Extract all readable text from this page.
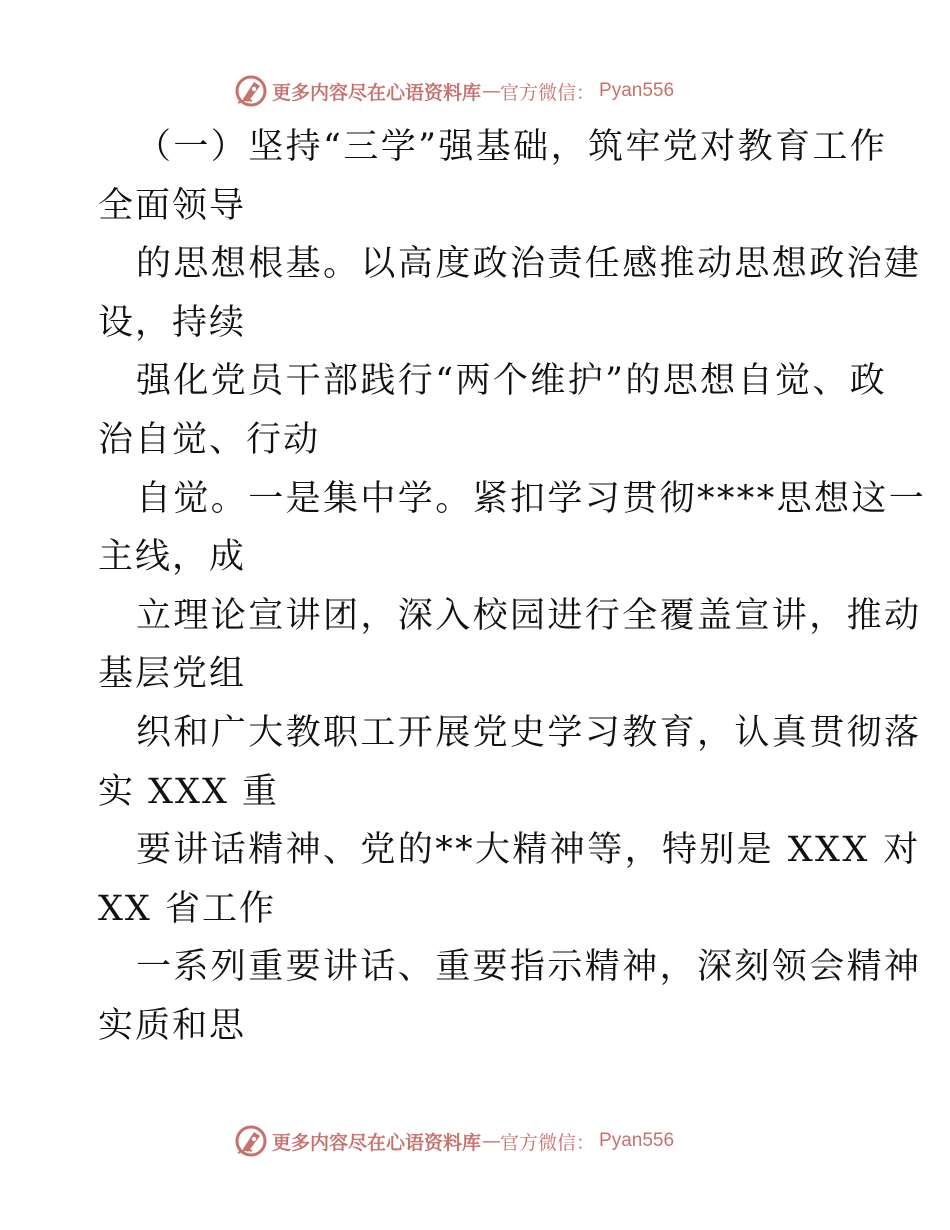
更多内容尽在心语资料库 — 官方微信： Pyan556
（一）坚持“三学”强基础，筑牢党对教育工作
全面领导
的思想根基。以高度政治责任感推动思想政治建
设，持续
强化党员干部践行“两个维护”的思想自觉、政
治自觉、行动
自觉。一是集中学。紧扣学习贯彻****思想这一
主线，成
立理论宣讲团，深入校园进行全覆盖宣讲，推动
基层党组
织和广大教职工开展党史学习教育，认真贯彻落
实 XXX 重
要讲话精神、党的**大精神等，特别是 XXX 对
XX 省工作
一系列重要讲话、重要指示精神，深刻领会精神
实质和思
更多内容尽在心语资料库 — 官方微信： Pyan556
